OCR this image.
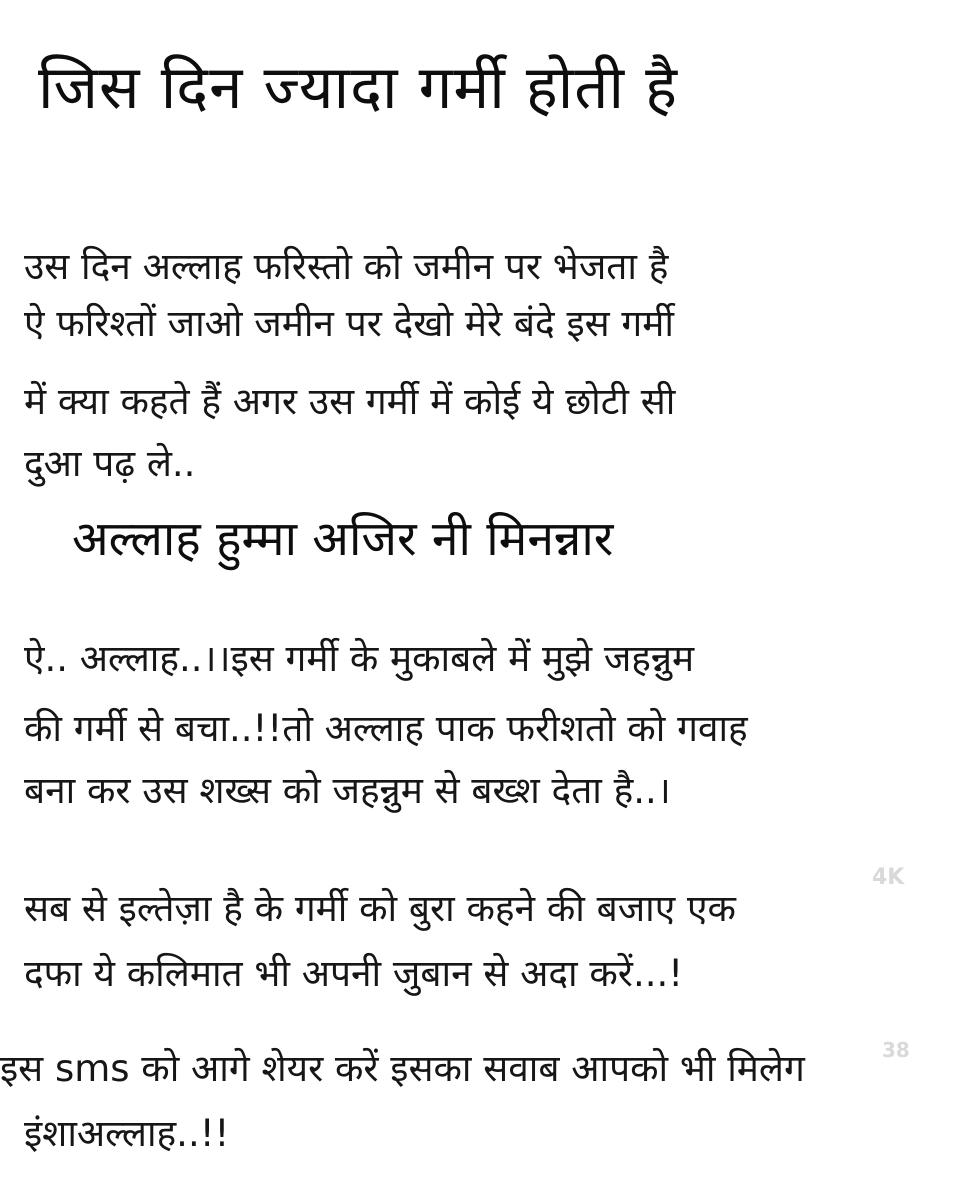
जिस दिन ज्यादा गर्मी होती है
उस दिन अल्लाह फरिस्तो को जमीन पर भेजता है
ऐ फरिश्तों जाओ जमीन पर देखो मेरे बंदे इस गर्मी
में क्या कहते हैं अगर उस गर्मी में कोई ये छोटी सी
दुआ पढ़ ले..
अल्लाह हुम्मा अजिर नी मिनन्नार
ऐ.. अल्लाह..।।इस गर्मी के मुकाबले में मुझे जहन्नुम
की गर्मी से बचा..!!तो अल्लाह पाक फरीशतो को गवाह
बना कर उस शख्स को जहन्नुम से बख्श देता है..।
सब से इल्तेज़ा है के गर्मी को बुरा कहने की बजाए एक
दफा ये कलिमात भी अपनी जुबान से अदा करें...!
इस sms को आगे शेयर करें इसका सवाब आपको भी मिलेग
इंशाअल्लाह..!!
4K
38
